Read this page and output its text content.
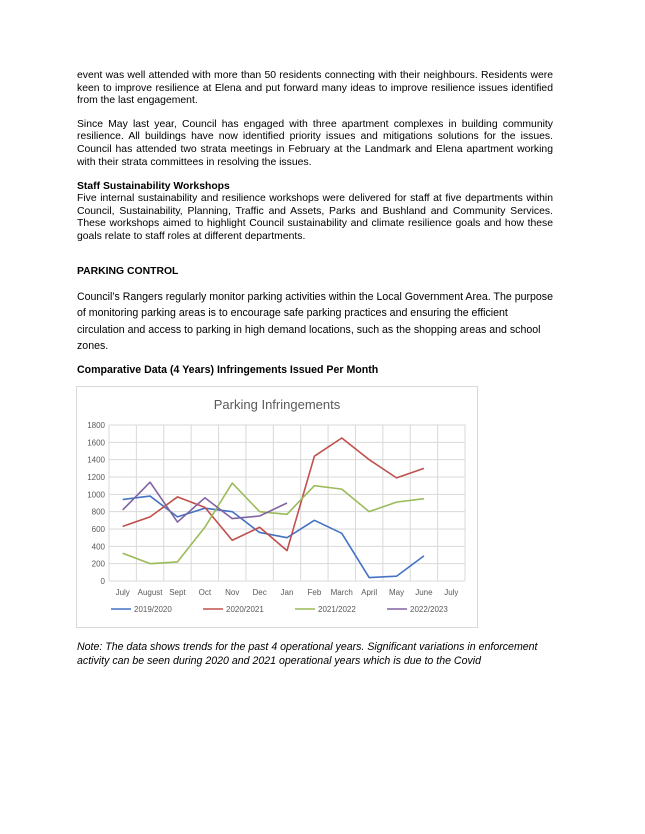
event was well attended with more than 50 residents connecting with their neighbours. Residents were keen to improve resilience at Elena and put forward many ideas to improve resilience issues identified from the last engagement.

Since May last year, Council has engaged with three apartment complexes in building community resilience. All buildings have now identified priority issues and mitigations solutions for the issues. Council has attended two strata meetings in February at the Landmark and Elena apartment working with their strata committees in resolving the issues.

Staff Sustainability Workshops

Five internal sustainability and resilience workshops were delivered for staff at five departments within Council, Sustainability, Planning, Traffic and Assets, Parks and Bushland and Community Services. These workshops aimed to highlight Council sustainability and climate resilience goals and how these goals relate to staff roles at different departments.

PARKING CONTROL

Council’s Rangers regularly monitor parking activities within the Local Government Area. The purpose of monitoring parking areas is to encourage safe parking practices and ensuring the efficient circulation and access to parking in high demand locations, such as the shopping areas and school zones.

Comparative Data (4 Years) Infringements Issued Per Month

Parking Infringements
0
200
400
600
800
1000
1200
1400
1600
1800
July August Sept Oct Nov Dec Jan Feb March April May June July
2019/2020	2020/2021	2021/2022	2022/2023

Note: The data shows trends for the past 4 operational years. Significant variations in enforcement activity can be seen during 2020 and 2021 operational years which is due to the Covid
